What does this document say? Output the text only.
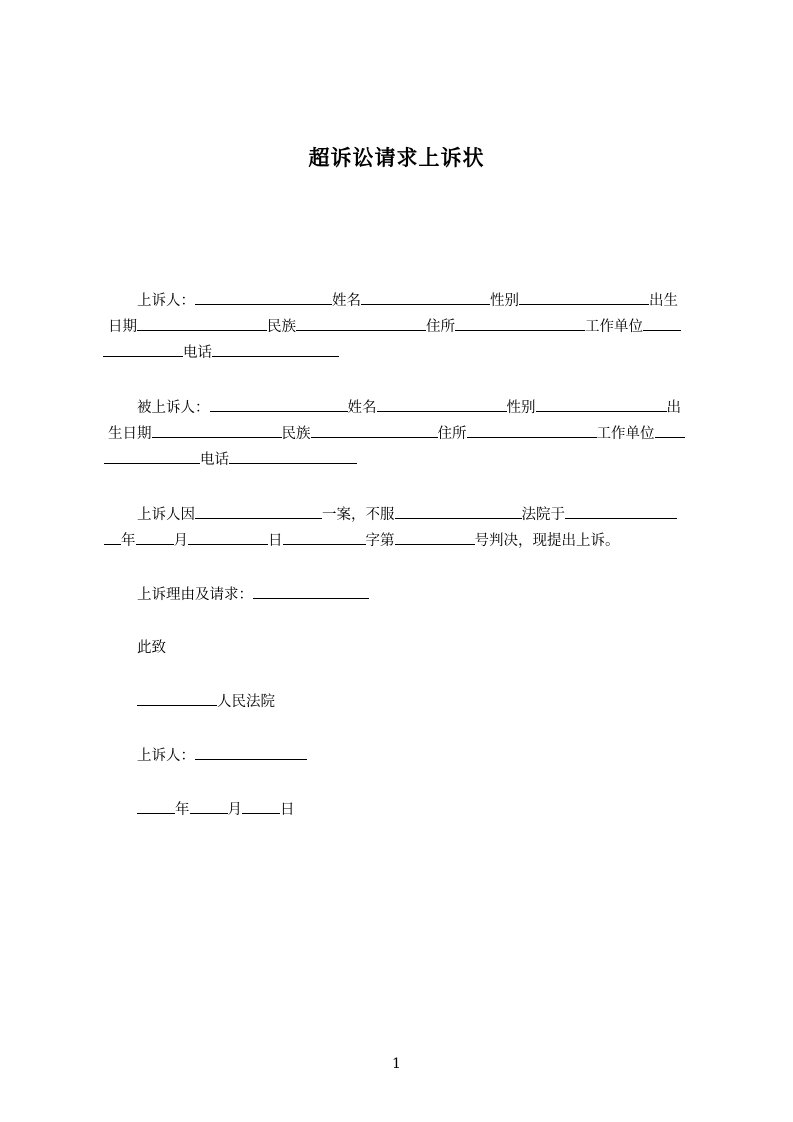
超诉讼请求上诉状
上诉人：	姓名	性别	出生
日期	民族	住所	工作单位
电话
被上诉人：	姓名	性别	出
生日期	民族	住所	工作单位
电话
上诉人因	一案，不服	法院于
年	月	日	字第	号判决，现提出上诉。
上诉理由及请求：
此致
人民法院
上诉人：
年	月	日
1
